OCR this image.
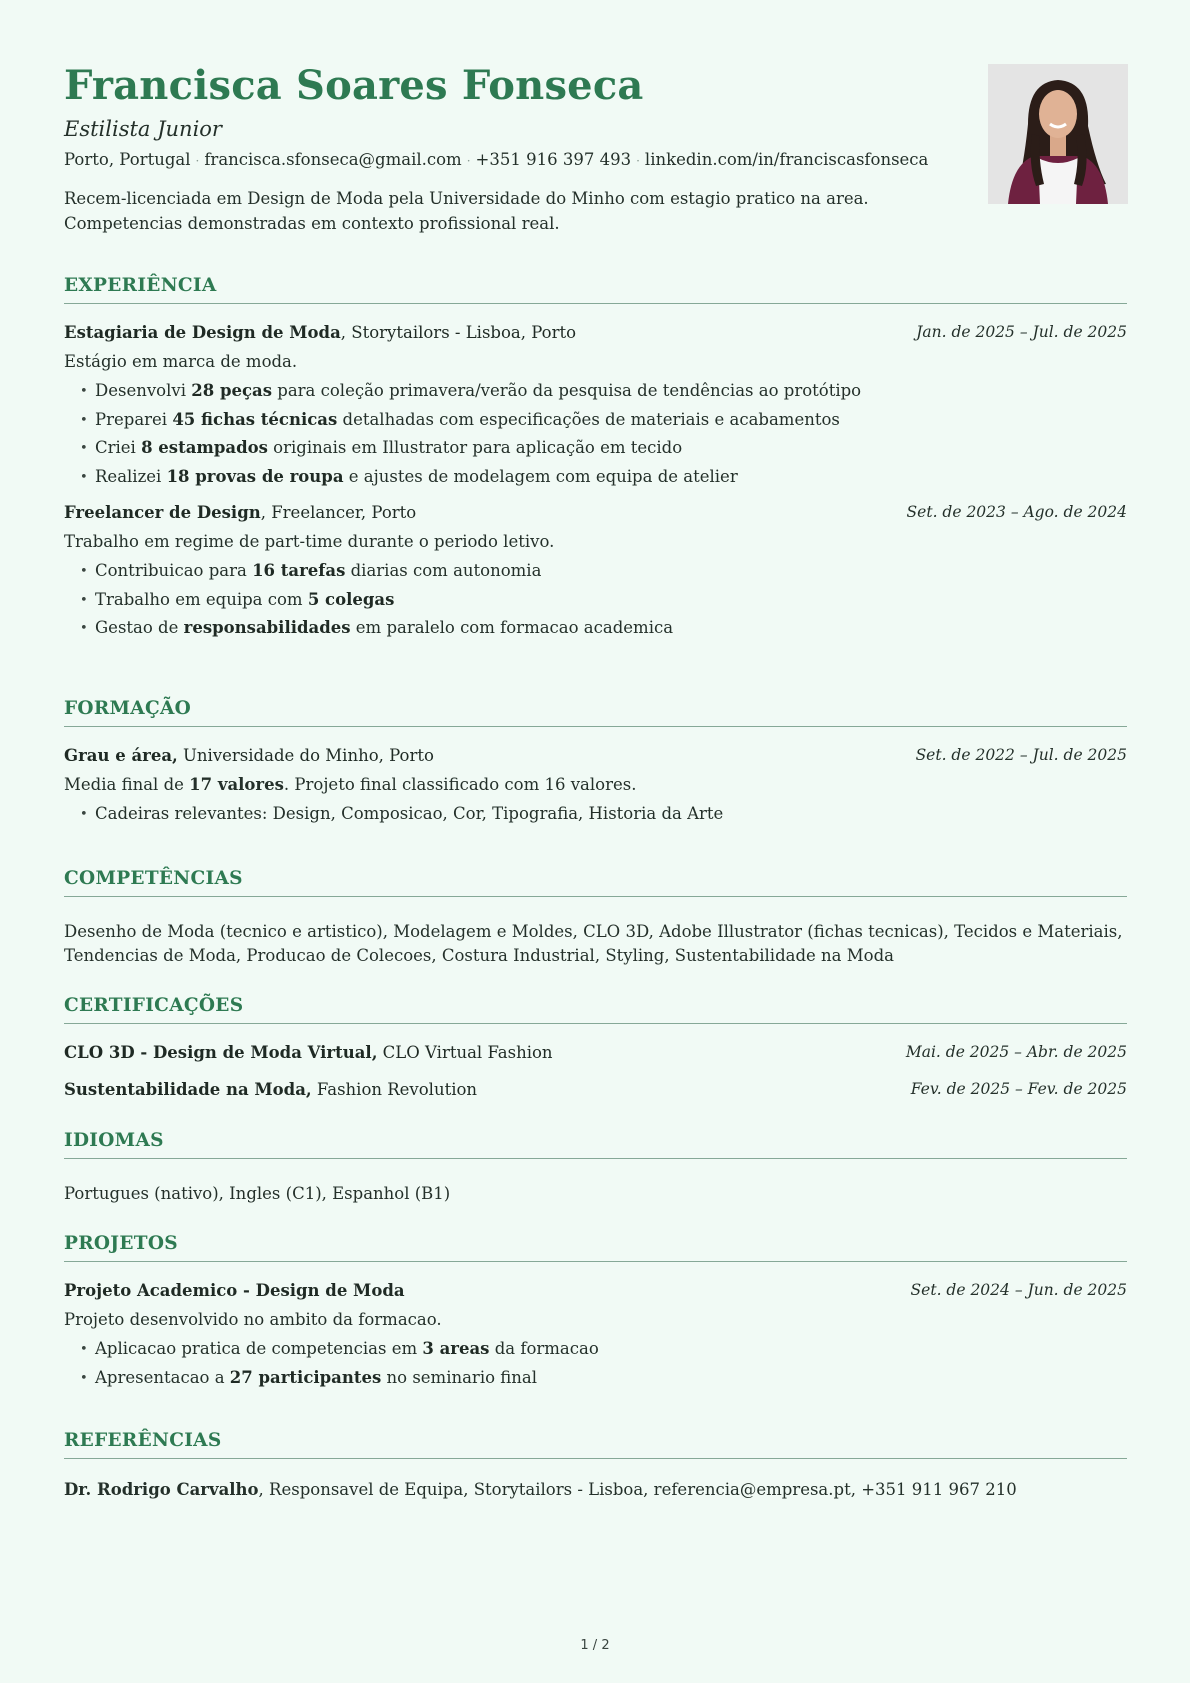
Francisca Soares Fonseca
Estilista Junior
Porto, Portugal · francisca.sfonseca@gmail.com · +351 916 397 493 · linkedin.com/in/franciscasfonseca
Recem-licenciada em Design de Moda pela Universidade do Minho com estagio pratico na area. Competencias demonstradas em contexto profissional real.
EXPERIÊNCIA
Estagiaria de Design de Moda, Storytailors - Lisboa, Porto	Jan. de 2025 – Jul. de 2025
Estágio em marca de moda.
• Desenvolvi 28 peças para coleção primavera/verão da pesquisa de tendências ao protótipo
• Preparei 45 fichas técnicas detalhadas com especificações de materiais e acabamentos
• Criei 8 estampados originais em Illustrator para aplicação em tecido
• Realizei 18 provas de roupa e ajustes de modelagem com equipa de atelier
Freelancer de Design, Freelancer, Porto	Set. de 2023 – Ago. de 2024
Trabalho em regime de part-time durante o periodo letivo.
• Contribuicao para 16 tarefas diarias com autonomia
• Trabalho em equipa com 5 colegas
• Gestao de responsabilidades em paralelo com formacao academica
FORMAÇÃO
Grau e área, Universidade do Minho, Porto	Set. de 2022 – Jul. de 2025
Media final de 17 valores. Projeto final classificado com 16 valores.
• Cadeiras relevantes: Design, Composicao, Cor, Tipografia, Historia da Arte
COMPETÊNCIAS
Desenho de Moda (tecnico e artistico), Modelagem e Moldes, CLO 3D, Adobe Illustrator (fichas tecnicas), Tecidos e Materiais, Tendencias de Moda, Producao de Colecoes, Costura Industrial, Styling, Sustentabilidade na Moda
CERTIFICAÇÕES
CLO 3D - Design de Moda Virtual, CLO Virtual Fashion	Mai. de 2025 – Abr. de 2025
Sustentabilidade na Moda, Fashion Revolution	Fev. de 2025 – Fev. de 2025
IDIOMAS
Portugues (nativo), Ingles (C1), Espanhol (B1)
PROJETOS
Projeto Academico - Design de Moda	Set. de 2024 – Jun. de 2025
Projeto desenvolvido no ambito da formacao.
• Aplicacao pratica de competencias em 3 areas da formacao
• Apresentacao a 27 participantes no seminario final
REFERÊNCIAS
Dr. Rodrigo Carvalho, Responsavel de Equipa, Storytailors - Lisboa, referencia@empresa.pt, +351 911 967 210
1 / 2
